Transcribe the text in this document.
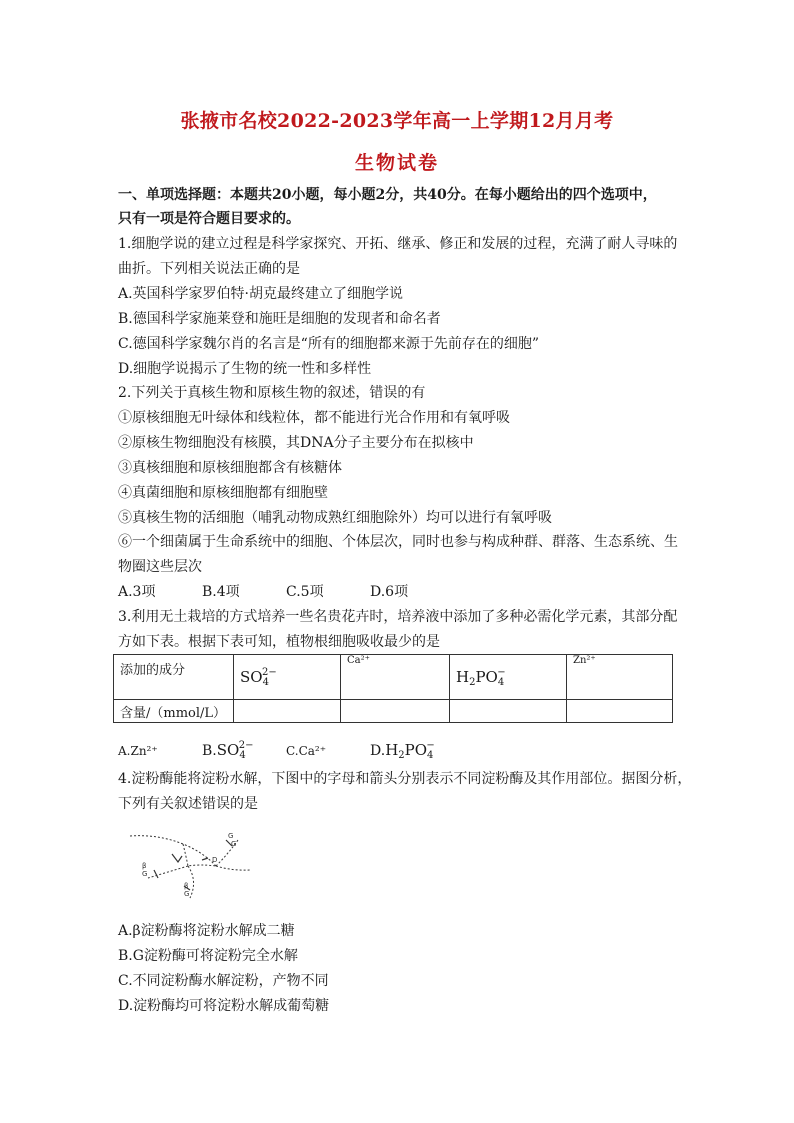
张掖市名校2022-2023学年高一上学期12月月考
生物试卷
一、单项选择题：本题共20小题，每小题2分，共40分。在每小题给出的四个选项中，
只有一项是符合题目要求的。
1.细胞学说的建立过程是科学家探究、开拓、继承、修正和发展的过程，充满了耐人寻味的
曲折。下列相关说法正确的是
A.英国科学家罗伯特·胡克最终建立了细胞学说
B.德国科学家施莱登和施旺是细胞的发现者和命名者
C.德国科学家魏尔肖的名言是“所有的细胞都来源于先前存在的细胞”
D.细胞学说揭示了生物的统一性和多样性
2.下列关于真核生物和原核生物的叙述，错误的有
①原核细胞无叶绿体和线粒体，都不能进行光合作用和有氧呼吸
②原核生物细胞没有核膜，其DNA分子主要分布在拟核中
③真核细胞和原核细胞都含有核糖体
④真菌细胞和原核细胞都有细胞壁
⑤真核生物的活细胞（哺乳动物成熟红细胞除外）均可以进行有氧呼吸
⑥一个细菌属于生命系统中的细胞、个体层次，同时也参与构成种群、群落、生态系统、生
物圈这些层次
A.3项	B.4项	C.5项	D.6项
3.利用无土栽培的方式培养一些名贵花卉时，培养液中添加了多种必需化学元素，其部分配
方如下表。根据下表可知，植物根细胞吸收最少的是
添加的成分	$SO_4^{2-}$	Ca²⁺	$H_2PO_4^-$	Zn²⁺
含量/（mmol/L）				
A.Zn²⁺	B.SO42−	C.Ca²⁺	D.H2PO4−
4.淀粉酶能将淀粉水解，下图中的字母和箭头分别表示不同淀粉酶及其作用部位。据图分析，
下列有关叙述错误的是
G
G
D
β
G
β
G
A.β淀粉酶将淀粉水解成二糖
B.G淀粉酶可将淀粉完全水解
C.不同淀粉酶水解淀粉，产物不同
D.淀粉酶均可将淀粉水解成葡萄糖
